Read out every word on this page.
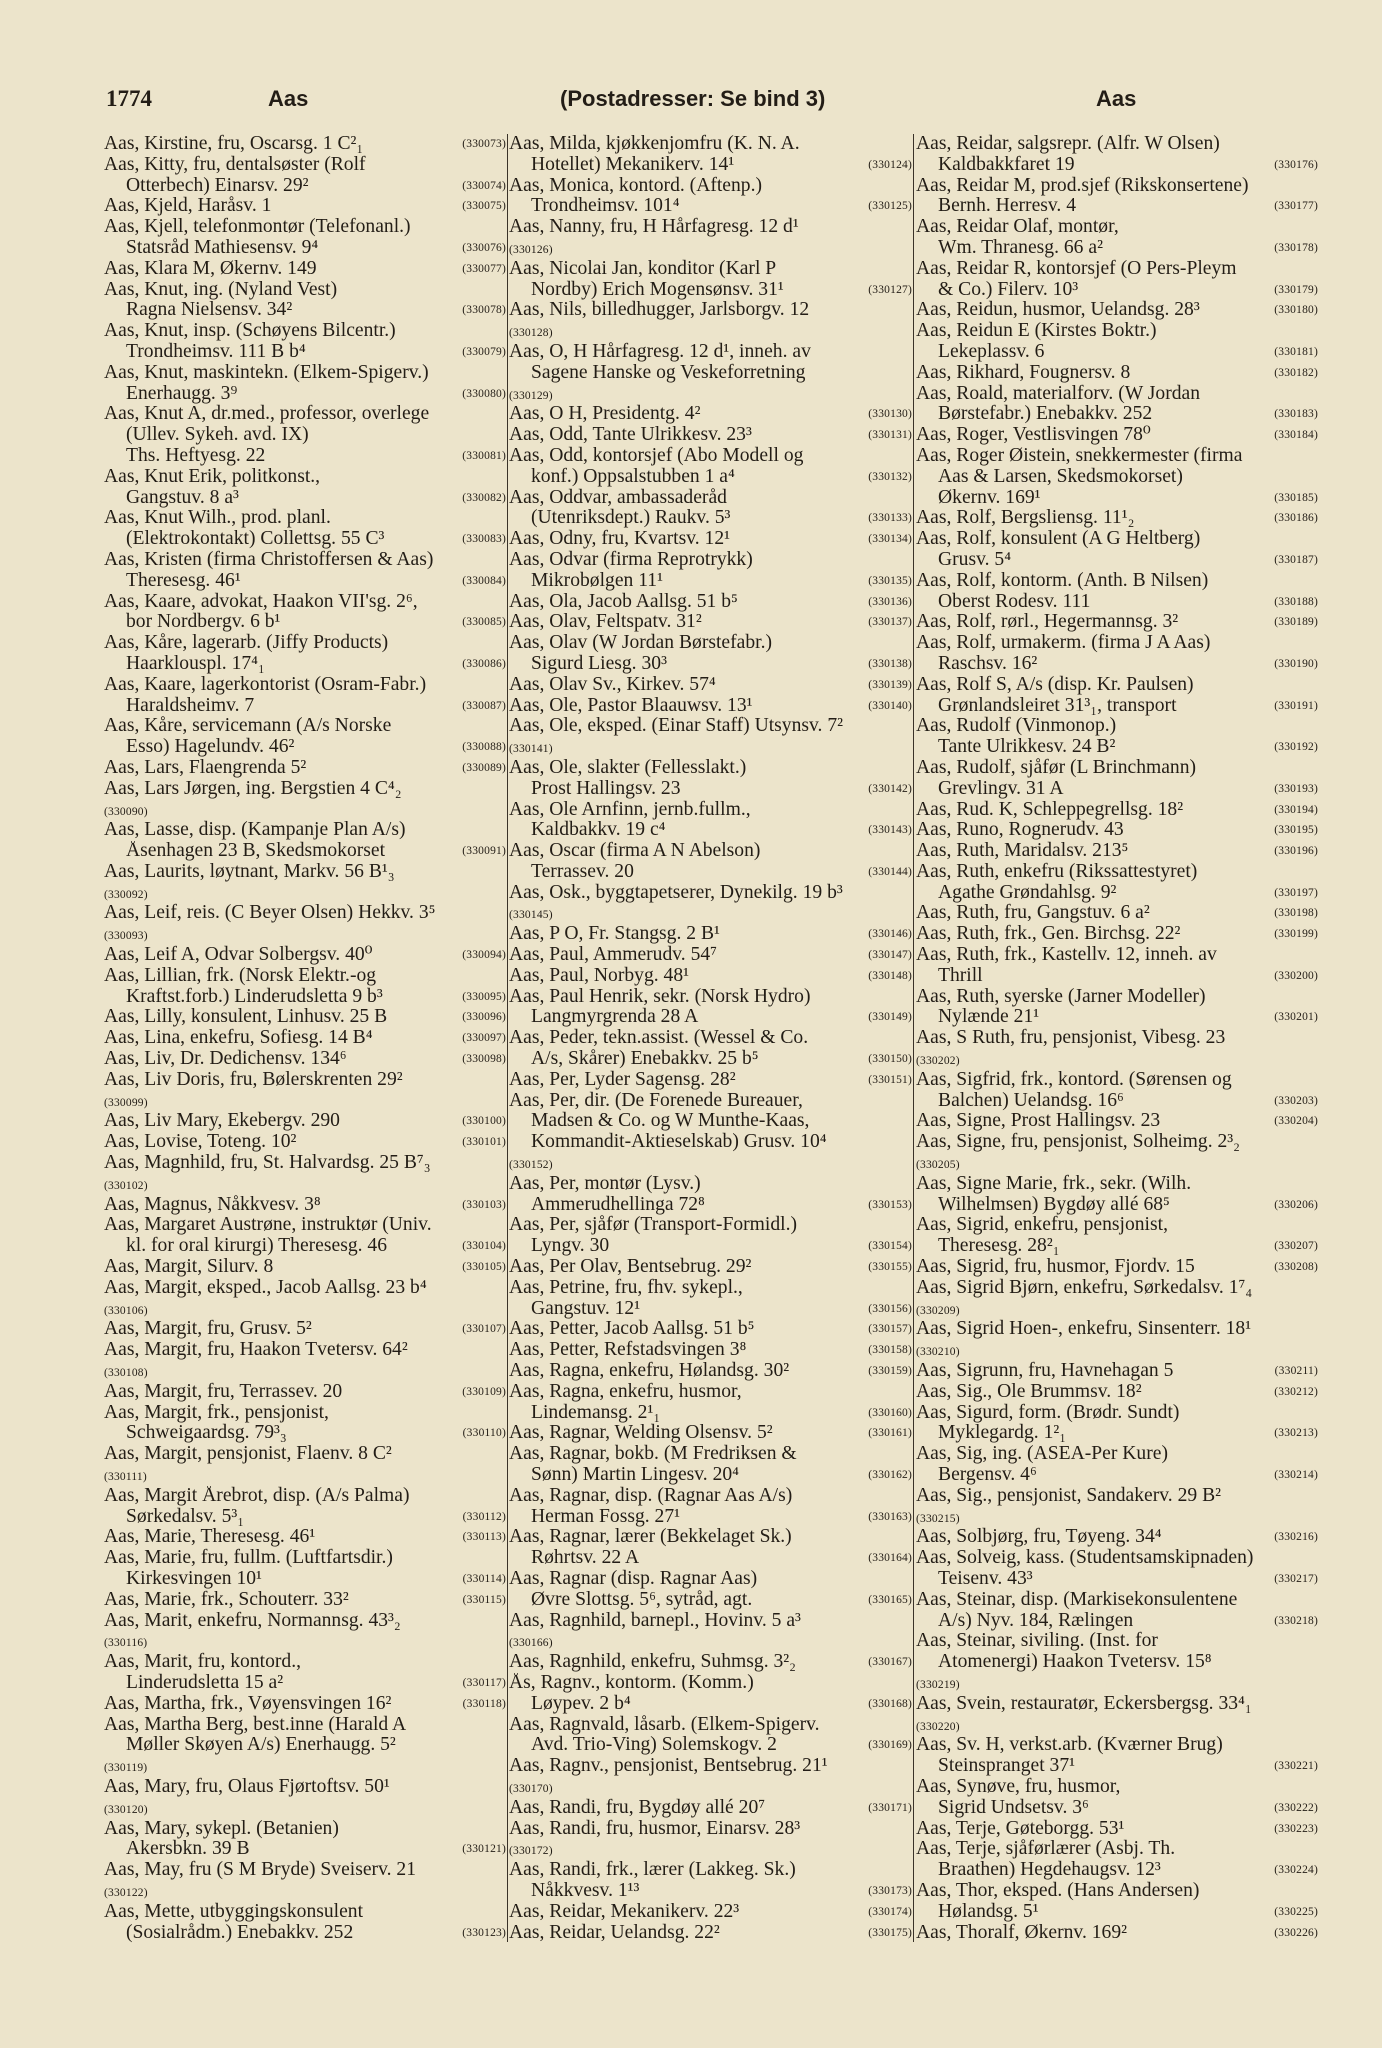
1774	Aas	(Postadresser: Se bind 3)	Aas
Aas, Kirstine, fru, Oscarsg. 1 C²₁	(330073)
Aas, Kitty, fru, dentalsøster (Rolf
Otterbech) Einarsv. 29²	(330074)
Aas, Kjeld, Haråsv. 1	(330075)
Aas, Kjell, telefonmontør (Telefonanl.)
Statsråd Mathiesensv. 9⁴	(330076)
Aas, Klara M, Økernv. 149	(330077)
Aas, Knut, ing. (Nyland Vest)
Ragna Nielsensv. 34²	(330078)
Aas, Knut, insp. (Schøyens Bilcentr.)
Trondheimsv. 111 B b⁴	(330079)
Aas, Knut, maskintekn. (Elkem-Spigerv.)
Enerhaugg. 3⁹	(330080)
Aas, Knut A, dr.med., professor, overlege
(Ullev. Sykeh. avd. IX)
Ths. Heftyesg. 22	(330081)
Aas, Knut Erik, politkonst.,
Gangstuv. 8 a³	(330082)
Aas, Knut Wilh., prod. planl.
(Elektrokontakt) Collettsg. 55 C³	(330083)
Aas, Kristen (firma Christoffersen & Aas)
Theresesg. 46¹	(330084)
Aas, Kaare, advokat, Haakon VII'sg. 2⁶,
bor Nordbergv. 6 b¹	(330085)
Aas, Kåre, lagerarb. (Jiffy Products)
Haarklouspl. 17⁴₁	(330086)
Aas, Kaare, lagerkontorist (Osram-Fabr.)
Haraldsheimv. 7	(330087)
Aas, Kåre, servicemann (A/s Norske
Esso) Hagelundv. 46²	(330088)
Aas, Lars, Flaengrenda 5²	(330089)
Aas, Lars Jørgen, ing. Bergstien 4 C⁴₂
(330090)
Aas, Lasse, disp. (Kampanje Plan A/s)
Åsenhagen 23 B, Skedsmokorset	(330091)
Aas, Laurits, løytnant, Markv. 56 B¹₃
(330092)
Aas, Leif, reis. (C Beyer Olsen) Hekkv. 3⁵
(330093)
Aas, Leif A, Odvar Solbergsv. 40⁰	(330094)
Aas, Lillian, frk. (Norsk Elektr.-og
Kraftst.forb.) Linderudsletta 9 b³	(330095)
Aas, Lilly, konsulent, Linhusv. 25 B	(330096)
Aas, Lina, enkefru, Sofiesg. 14 B⁴	(330097)
Aas, Liv, Dr. Dedichensv. 134⁶	(330098)
Aas, Liv Doris, fru, Bølerskrenten 29²
(330099)
Aas, Liv Mary, Ekebergv. 290	(330100)
Aas, Lovise, Toteng. 10²	(330101)
Aas, Magnhild, fru, St. Halvardsg. 25 B⁷₃
(330102)
Aas, Magnus, Nåkkvesv. 3⁸	(330103)
Aas, Margaret Austrøne, instruktør (Univ.
kl. for oral kirurgi) Theresesg. 46	(330104)
Aas, Margit, Silurv. 8	(330105)
Aas, Margit, eksped., Jacob Aallsg. 23 b⁴
(330106)
Aas, Margit, fru, Grusv. 5²	(330107)
Aas, Margit, fru, Haakon Tvetersv. 64²
(330108)
Aas, Margit, fru, Terrassev. 20	(330109)
Aas, Margit, frk., pensjonist,
Schweigaardsg. 79³₃	(330110)
Aas, Margit, pensjonist, Flaenv. 8 C²
(330111)
Aas, Margit Årebrot, disp. (A/s Palma)
Sørkedalsv. 5³₁	(330112)
Aas, Marie, Theresesg. 46¹	(330113)
Aas, Marie, fru, fullm. (Luftfartsdir.)
Kirkesvingen 10¹	(330114)
Aas, Marie, frk., Schouterr. 33²	(330115)
Aas, Marit, enkefru, Normannsg. 43³₂
(330116)
Aas, Marit, fru, kontord.,
Linderudsletta 15 a²	(330117)
Aas, Martha, frk., Vøyensvingen 16²	(330118)
Aas, Martha Berg, best.inne (Harald A
Møller Skøyen A/s) Enerhaugg. 5²
(330119)
Aas, Mary, fru, Olaus Fjørtoftsv. 50¹
(330120)
Aas, Mary, sykepl. (Betanien)
Akersbkn. 39 B	(330121)
Aas, May, fru (S M Bryde) Sveiserv. 21
(330122)
Aas, Mette, utbyggingskonsulent
(Sosialrådm.) Enebakkv. 252	(330123)
Aas, Milda, kjøkkenjomfru (K. N. A.
Hotellet) Mekanikerv. 14¹	(330124)
Aas, Monica, kontord. (Aftenp.)
Trondheimsv. 101⁴	(330125)
Aas, Nanny, fru, H Hårfagresg. 12 d¹
(330126)
Aas, Nicolai Jan, konditor (Karl P
Nordby) Erich Mogensønsv. 31¹	(330127)
Aas, Nils, billedhugger, Jarlsborgv. 12
(330128)
Aas, O, H Hårfagresg. 12 d¹, inneh. av
Sagene Hanske og Veskeforretning
(330129)
Aas, O H, Presidentg. 4²	(330130)
Aas, Odd, Tante Ulrikkesv. 23³	(330131)
Aas, Odd, kontorsjef (Abo Modell og
konf.) Oppsalstubben 1 a⁴	(330132)
Aas, Oddvar, ambassaderåd
(Utenriksdept.) Raukv. 5³	(330133)
Aas, Odny, fru, Kvartsv. 12¹	(330134)
Aas, Odvar (firma Reprotrykk)
Mikrobølgen 11¹	(330135)
Aas, Ola, Jacob Aallsg. 51 b⁵	(330136)
Aas, Olav, Feltspatv. 31²	(330137)
Aas, Olav (W Jordan Børstefabr.)
Sigurd Liesg. 30³	(330138)
Aas, Olav Sv., Kirkev. 57⁴	(330139)
Aas, Ole, Pastor Blaauwsv. 13¹	(330140)
Aas, Ole, eksped. (Einar Staff) Utsynsv. 7²
(330141)
Aas, Ole, slakter (Fellesslakt.)
Prost Hallingsv. 23	(330142)
Aas, Ole Arnfinn, jernb.fullm.,
Kaldbakkv. 19 c⁴	(330143)
Aas, Oscar (firma A N Abelson)
Terrassev. 20	(330144)
Aas, Osk., byggtapetserer, Dynekilg. 19 b³
(330145)
Aas, P O, Fr. Stangsg. 2 B¹	(330146)
Aas, Paul, Ammerudv. 54⁷	(330147)
Aas, Paul, Norbyg. 48¹	(330148)
Aas, Paul Henrik, sekr. (Norsk Hydro)
Langmyrgrenda 28 A	(330149)
Aas, Peder, tekn.assist. (Wessel & Co.
A/s, Skårer) Enebakkv. 25 b⁵	(330150)
Aas, Per, Lyder Sagensg. 28²	(330151)
Aas, Per, dir. (De Forenede Bureauer,
Madsen & Co. og W Munthe-Kaas,
Kommandit-Aktieselskab) Grusv. 10⁴
(330152)
Aas, Per, montør (Lysv.)
Ammerudhellinga 72⁸	(330153)
Aas, Per, sjåfør (Transport-Formidl.)
Lyngv. 30	(330154)
Aas, Per Olav, Bentsebrug. 29²	(330155)
Aas, Petrine, fru, fhv. sykepl.,
Gangstuv. 12¹	(330156)
Aas, Petter, Jacob Aallsg. 51 b⁵	(330157)
Aas, Petter, Refstadsvingen 3⁸	(330158)
Aas, Ragna, enkefru, Hølandsg. 30²	(330159)
Aas, Ragna, enkefru, husmor,
Lindemansg. 2¹₁	(330160)
Aas, Ragnar, Welding Olsensv. 5²	(330161)
Aas, Ragnar, bokb. (M Fredriksen &
Sønn) Martin Lingesv. 20⁴	(330162)
Aas, Ragnar, disp. (Ragnar Aas A/s)
Herman Fossg. 27¹	(330163)
Aas, Ragnar, lærer (Bekkelaget Sk.)
Røhrtsv. 22 A	(330164)
Aas, Ragnar (disp. Ragnar Aas)
Øvre Slottsg. 5⁶, sytråd, agt.	(330165)
Aas, Ragnhild, barnepl., Hovinv. 5 a³
(330166)
Aas, Ragnhild, enkefru, Suhmsg. 3²₂	(330167)
Ås, Ragnv., kontorm. (Komm.)
Løypev. 2 b⁴	(330168)
Aas, Ragnvald, låsarb. (Elkem-Spigerv.
Avd. Trio-Ving) Solemskogv. 2	(330169)
Aas, Ragnv., pensjonist, Bentsebrug. 21¹
(330170)
Aas, Randi, fru, Bygdøy allé 20⁷	(330171)
Aas, Randi, fru, husmor, Einarsv. 28³
(330172)
Aas, Randi, frk., lærer (Lakkeg. Sk.)
Nåkkvesv. 1¹³	(330173)
Aas, Reidar, Mekanikerv. 22³	(330174)
Aas, Reidar, Uelandsg. 22²	(330175)
Aas, Reidar, salgsrepr. (Alfr. W Olsen)
Kaldbakkfaret 19	(330176)
Aas, Reidar M, prod.sjef (Rikskonsertene)
Bernh. Herresv. 4	(330177)
Aas, Reidar Olaf, montør,
Wm. Thranesg. 66 a²	(330178)
Aas, Reidar R, kontorsjef (O Pers-Pleym
& Co.) Filerv. 10³	(330179)
Aas, Reidun, husmor, Uelandsg. 28³	(330180)
Aas, Reidun E (Kirstes Boktr.)
Lekeplassv. 6	(330181)
Aas, Rikhard, Fougnersv. 8	(330182)
Aas, Roald, materialforv. (W Jordan
Børstefabr.) Enebakkv. 252	(330183)
Aas, Roger, Vestlisvingen 78⁰	(330184)
Aas, Roger Øistein, snekkermester (firma
Aas & Larsen, Skedsmokorset)
Økernv. 169¹	(330185)
Aas, Rolf, Bergsliensg. 11¹₂	(330186)
Aas, Rolf, konsulent (A G Heltberg)
Grusv. 5⁴	(330187)
Aas, Rolf, kontorm. (Anth. B Nilsen)
Oberst Rodesv. 111	(330188)
Aas, Rolf, rørl., Hegermannsg. 3²	(330189)
Aas, Rolf, urmakerm. (firma J A Aas)
Raschsv. 16²	(330190)
Aas, Rolf S, A/s (disp. Kr. Paulsen)
Grønlandsleiret 31³₁, transport	(330191)
Aas, Rudolf (Vinmonop.)
Tante Ulrikkesv. 24 B²	(330192)
Aas, Rudolf, sjåfør (L Brinchmann)
Grevlingv. 31 A	(330193)
Aas, Rud. K, Schleppegrellsg. 18²	(330194)
Aas, Runo, Rognerudv. 43	(330195)
Aas, Ruth, Maridalsv. 213⁵	(330196)
Aas, Ruth, enkefru (Rikssattestyret)
Agathe Grøndahlsg. 9²	(330197)
Aas, Ruth, fru, Gangstuv. 6 a²	(330198)
Aas, Ruth, frk., Gen. Birchsg. 22²	(330199)
Aas, Ruth, frk., Kastellv. 12, inneh. av
Thrill	(330200)
Aas, Ruth, syerske (Jarner Modeller)
Nylænde 21¹	(330201)
Aas, S Ruth, fru, pensjonist, Vibesg. 23
(330202)
Aas, Sigfrid, frk., kontord. (Sørensen og
Balchen) Uelandsg. 16⁶	(330203)
Aas, Signe, Prost Hallingsv. 23	(330204)
Aas, Signe, fru, pensjonist, Solheimg. 2³₂
(330205)
Aas, Signe Marie, frk., sekr. (Wilh.
Wilhelmsen) Bygdøy allé 68⁵	(330206)
Aas, Sigrid, enkefru, pensjonist,
Theresesg. 28²₁	(330207)
Aas, Sigrid, fru, husmor, Fjordv. 15	(330208)
Aas, Sigrid Bjørn, enkefru, Sørkedalsv. 1⁷₄
(330209)
Aas, Sigrid Hoen-, enkefru, Sinsenterr. 18¹
(330210)
Aas, Sigrunn, fru, Havnehagan 5	(330211)
Aas, Sig., Ole Brummsv. 18²	(330212)
Aas, Sigurd, form. (Brødr. Sundt)
Myklegardg. 1²₁	(330213)
Aas, Sig, ing. (ASEA-Per Kure)
Bergensv. 4⁶	(330214)
Aas, Sig., pensjonist, Sandakerv. 29 B²
(330215)
Aas, Solbjørg, fru, Tøyeng. 34⁴	(330216)
Aas, Solveig, kass. (Studentsamskipnaden)
Teisenv. 43³	(330217)
Aas, Steinar, disp. (Markisekonsulentene
A/s) Nyv. 184, Rælingen	(330218)
Aas, Steinar, siviling. (Inst. for
Atomenergi) Haakon Tvetersv. 15⁸
(330219)
Aas, Svein, restauratør, Eckersbergsg. 33⁴₁
(330220)
Aas, Sv. H, verkst.arb. (Kværner Brug)
Steinspranget 37¹	(330221)
Aas, Synøve, fru, husmor,
Sigrid Undsetsv. 3⁶	(330222)
Aas, Terje, Gøteborgg. 53¹	(330223)
Aas, Terje, sjåførlærer (Asbj. Th.
Braathen) Hegdehaugsv. 12³	(330224)
Aas, Thor, eksped. (Hans Andersen)
Hølandsg. 5¹	(330225)
Aas, Thoralf, Økernv. 169²	(330226)
